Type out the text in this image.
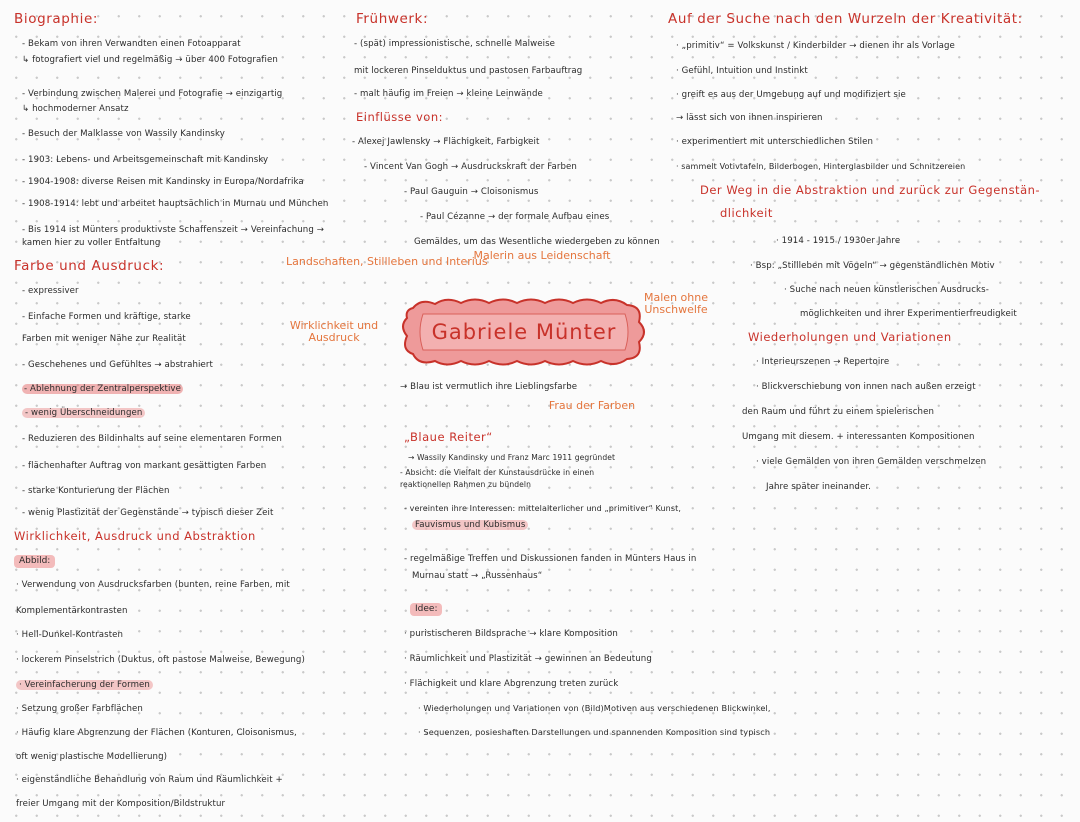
Biographie:
- Bekam von ihren Verwandten einen Fotoapparat
↳ fotografiert viel und regelmäßig → über 400 Fotografien
- Verbindung zwischen Malerei und Fotografie → einzigartig
↳ hochmoderner Ansatz
- Besuch der Malklasse von Wassily Kandinsky
- 1903: Lebens- und Arbeitsgemeinschaft mit Kandinsky
- 1904-1908: diverse Reisen mit Kandinsky in Europa/Nordafrika
- 1908-1914: lebt und arbeitet hauptsächlich in Murnau und München
- Bis 1914 ist Münters produktivste Schaffenszeit → Vereinfachung →
kamen hier zu voller Entfaltung
Farbe und Ausdruck:
- expressiver
- Einfache Formen und kräftige, starke
Farben mit weniger Nähe zur Realität
- Geschehenes und Gefühltes → abstrahiert
- Ablehnung der Zentralperspektive
- wenig Überschneidungen
- Reduzieren des Bildinhalts auf seine elementaren Formen
- flächenhafter Auftrag von markant gesättigten Farben
- starke Konturierung der Flächen
- wenig Plastizität der Gegenstände → typisch dieser Zeit
Wirklichkeit, Ausdruck und Abstraktion
Abbild:
· Verwendung von Ausdrucksfarben (bunten, reine Farben, mit
Komplementärkontrasten
· Hell-Dunkel-Kontrasten
· lockerem Pinselstrich (Duktus, oft pastose Malweise, Bewegung)
· Vereinfacherung der Formen
· Setzung großer Farbflächen
· Häufig klare Abgrenzung der Flächen (Konturen, Cloisonismus,
oft wenig plastische Modellierung)
· eigenständliche Behandlung von Raum und Räumlichkeit +
freier Umgang mit der Komposition/Bildstruktur
Frühwerk:
- (spät) impressionistische, schnelle Malweise
mit lockeren Pinselduktus und pastosen Farbauftrag
- malt häufig im Freien → kleine Leinwände
Einflüsse von:
- Alexej Jawlensky → Flächigkeit, Farbigkeit
- Vincent Van Gogh → Ausdruckskraft der Farben
- Paul Gauguin → Cloisonismus
- Paul Cézanne → der formale Aufbau eines
Gemäldes, um das Wesentliche wiedergeben zu können
Landschaften, Stillleben und Interius
Malerin aus Leidenschaft
Wirklichkeit und Ausdruck
Malen ohne Unschwelfe
Gabriele Münter
→ Blau ist vermutlich ihre Lieblingsfarbe
Frau der Farben
„Blaue Reiter“
→ Wassily Kandinsky und Franz Marc 1911 gegründet
- Absicht: die Vielfalt der Kunstausdrücke in einen
reaktionellen Rahmen zu bündeln
- vereinten ihre Interessen: mittelalterlicher und „primitiver“ Kunst,
Fauvismus und Kubismus
- regelmäßige Treffen und Diskussionen fanden in Münters Haus in
Murnau statt → „Russenhaus“
Idee:
· puristischeren Bildsprache → klare Komposition
· Räumlichkeit und Plastizität → gewinnen an Bedeutung
· Flächigkeit und klare Abgrenzung treten zurück
· Wiederholungen und Variationen von (Bild)Motiven aus verschiedenen Blickwinkel,
· Sequenzen, posieshaften Darstellungen und spannenden Komposition sind typisch
Auf der Suche nach den Wurzeln der Kreativität:
· „primitiv“ = Volkskunst / Kinderbilder → dienen ihr als Vorlage
· Gefühl, Intuition und Instinkt
· greift es aus der Umgebung auf und modifiziert sie
→ lässt sich von ihnen inspirieren
· experimentiert mit unterschiedlichen Stilen
· sammelt Votivtafeln, Bilderbogen, Hinterglasbilder und Schnitzereien
Der Weg in die Abstraktion und zurück zur Gegenstän-
dlichkeit
· 1914 - 1915 / 1930er Jahre
· Bsp: „Stillleben mit Vögeln“ → gegenständlichen Motiv
· Suche nach neuen künstlerischen Ausdrucks-
möglichkeiten und ihrer Experimentierfreudigkeit
Wiederholungen und Variationen
· Interieurszenen → Repertoire
· Blickverschiebung von innen nach außen erzeigt
den Raum und führt zu einem spielerischen
Umgang mit diesem. + interessanten Kompositionen
· viele Gemälden von ihren Gemälden verschmelzen
Jahre später ineinander.
